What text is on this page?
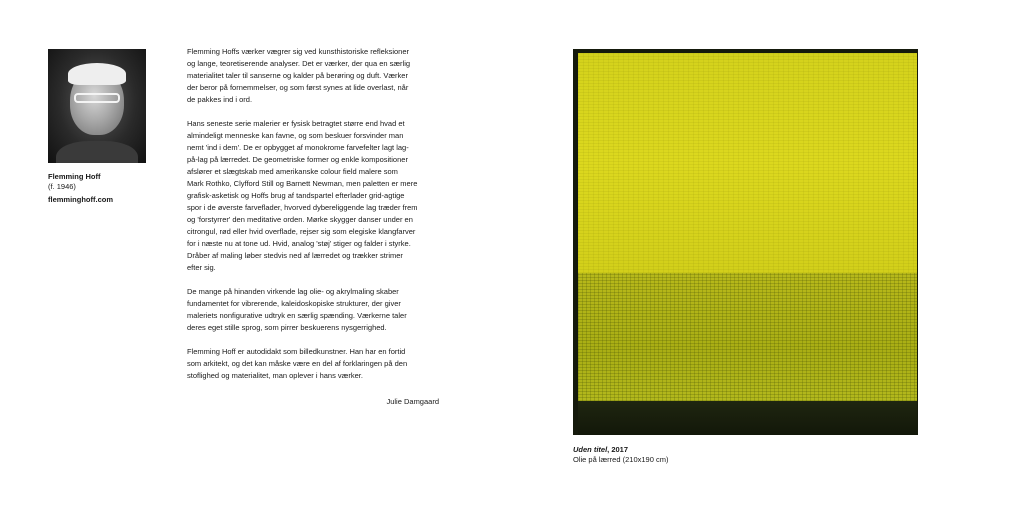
Flemming Hoff
(f. 1946)
flemminghoff.com

Flemming Hoffs værker vægrer sig ved kunsthistoriske refleksioner
og lange, teoretiserende analyser. Det er værker, der qua en særlig
materialitet taler til sanserne og kalder på berøring og duft. Værker
der beror på fornemmelser, og som først synes at lide overlast, når
de pakkes ind i ord.

Hans seneste serie malerier er fysisk betragtet større end hvad et
almindeligt menneske kan favne, og som beskuer forsvinder man
nemt 'ind i dem'. De er opbygget af monokrome farvefelter lagt lag-
på-lag på lærredet. De geometriske former og enkle kompositioner
afslører et slægtskab med amerikanske colour field malere som
Mark Rothko, Clyfford Still og Barnett Newman, men paletten er mere
grafisk-asketisk og Hoffs brug af tandspartel efterlader grid-agtige
spor i de øverste farveflader, hvorved dybereliggende lag træder frem
og 'forstyrrer' den meditative orden. Mørke skygger danser under en
citrongul, rød eller hvid overflade, rejser sig som elegiske klangfarver
for i næste nu at tone ud. Hvid, analog 'støj' stiger og falder i styrke.
Dråber af maling løber stedvis ned af lærredet og trækker strimer
efter sig.

De mange på hinanden virkende lag olie- og akrylmaling skaber
fundamentet for vibrerende, kaleidoskopiske strukturer, der giver
maleriets nonfigurative udtryk en særlig spænding. Værkerne taler
deres eget stille sprog, som pirrer beskuerens nysgerrighed.

Flemming Hoff er autodidakt som billedkunstner. Han har en fortid
som arkitekt, og det kan måske være en del af forklaringen på den
stoflighed og materialitet, man oplever i hans værker.

Julie Damgaard
Uden titel, 2017
Olie på lærred (210x190 cm)
